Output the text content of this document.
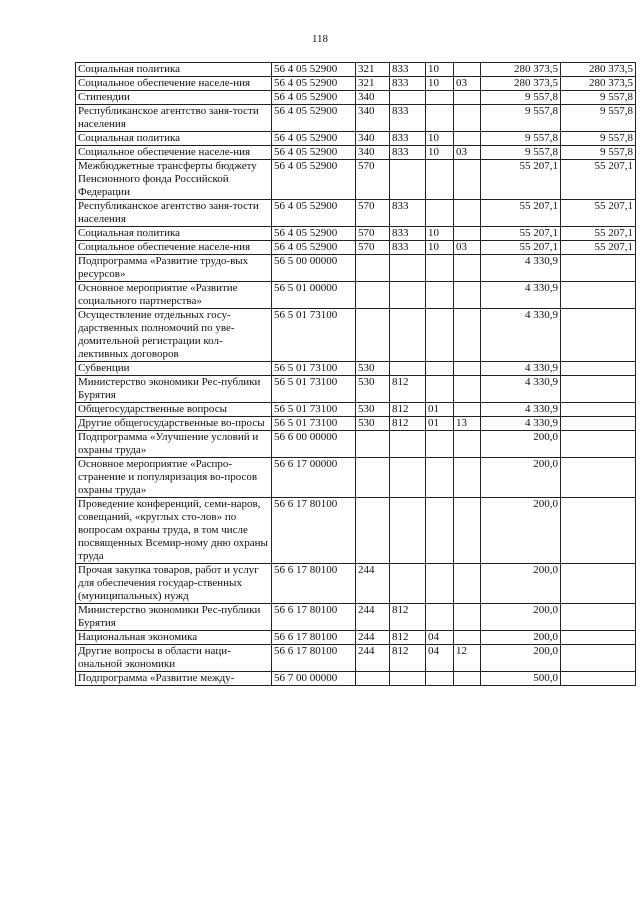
118
Социальная политика	56 4 05 52900	321	833	10		280 373,5	280 373,5
Социальное обеспечение населе-ния	56 4 05 52900	321	833	10	03	280 373,5	280 373,5
Стипендии	56 4 05 52900	340				9 557,8	9 557,8
Республиканское агентство заня-тости населения	56 4 05 52900	340	833			9 557,8	9 557,8
Социальная политика	56 4 05 52900	340	833	10		9 557,8	9 557,8
Социальное обеспечение населе-ния	56 4 05 52900	340	833	10	03	9 557,8	9 557,8
Межбюджетные трансферты бюджету Пенсионного фонда Российской Федерации	56 4 05 52900	570				55 207,1	55 207,1
Республиканское агентство заня-тости населения	56 4 05 52900	570	833			55 207,1	55 207,1
Социальная политика	56 4 05 52900	570	833	10		55 207,1	55 207,1
Социальное обеспечение населе-ния	56 4 05 52900	570	833	10	03	55 207,1	55 207,1
Подпрограмма «Развитие трудо-вых ресурсов»	56 5 00 00000					4 330,9	
Основное мероприятие «Развитие социального партнерства»	56 5 01 00000					4 330,9	
Осуществление отдельных госу-дарственных полномочий по уве-домительной регистрации кол-лективных договоров	56 5 01 73100					4 330,9	
Субвенции	56 5 01 73100	530				4 330,9	
Министерство экономики Рес-публики Бурятия	56 5 01 73100	530	812			4 330,9	
Общегосударственные вопросы	56 5 01 73100	530	812	01		4 330,9	
Другие общегосударственные во-просы	56 5 01 73100	530	812	01	13	4 330,9	
Подпрограмма «Улучшение условий и охраны труда»	56 6 00 00000					200,0	
Основное мероприятие «Распро-странение и популяризация во-просов охраны труда»	56 6 17 00000					200,0	
Проведение конференций, семи-наров, совещаний, «круглых сто-лов» по вопросам охраны труда, в том числе посвященных Всемир-ному дню охраны труда	56 6 17 80100					200,0	
Прочая закупка товаров, работ и услуг для обеспечения государ-ственных (муниципальных) нужд	56 6 17 80100	244				200,0	
Министерство экономики Рес-публики Бурятия	56 6 17 80100	244	812			200,0	
Национальная экономика	56 6 17 80100	244	812	04		200,0	
Другие вопросы в области наци-ональной экономики	56 6 17 80100	244	812	04	12	200,0	
Подпрограмма «Развитие между-	56 7 00 00000					500,0	
